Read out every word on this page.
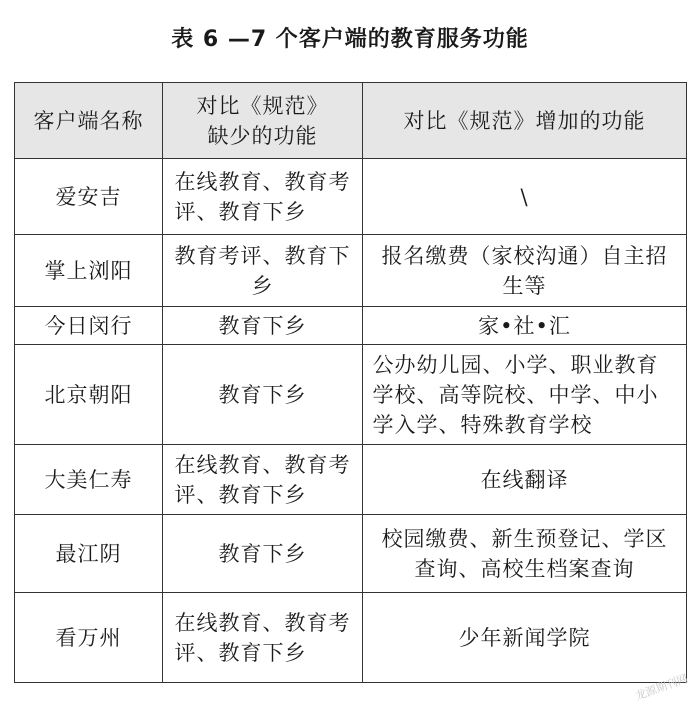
表 6 —7 个客户端的教育服务功能
客户端名称	对比《规范》缺少的功能	对比《规范》增加的功能
爱安吉	在线教育、教育考评、教育下乡	\
掌上浏阳	教育考评、教育下乡	报名缴费（家校沟通）自主招生等
今日闵行	教育下乡	家•社•汇
北京朝阳	教育下乡	公办幼儿园、小学、职业教育学校、高等院校、中学、中小学入学、特殊教育学校
大美仁寿	在线教育、教育考评、教育下乡	在线翻译
最江阴	教育下乡	校园缴费、新生预登记、学区查询、高校生档案查询
看万州	在线教育、教育考评、教育下乡	少年新闻学院
龙源期刊网
